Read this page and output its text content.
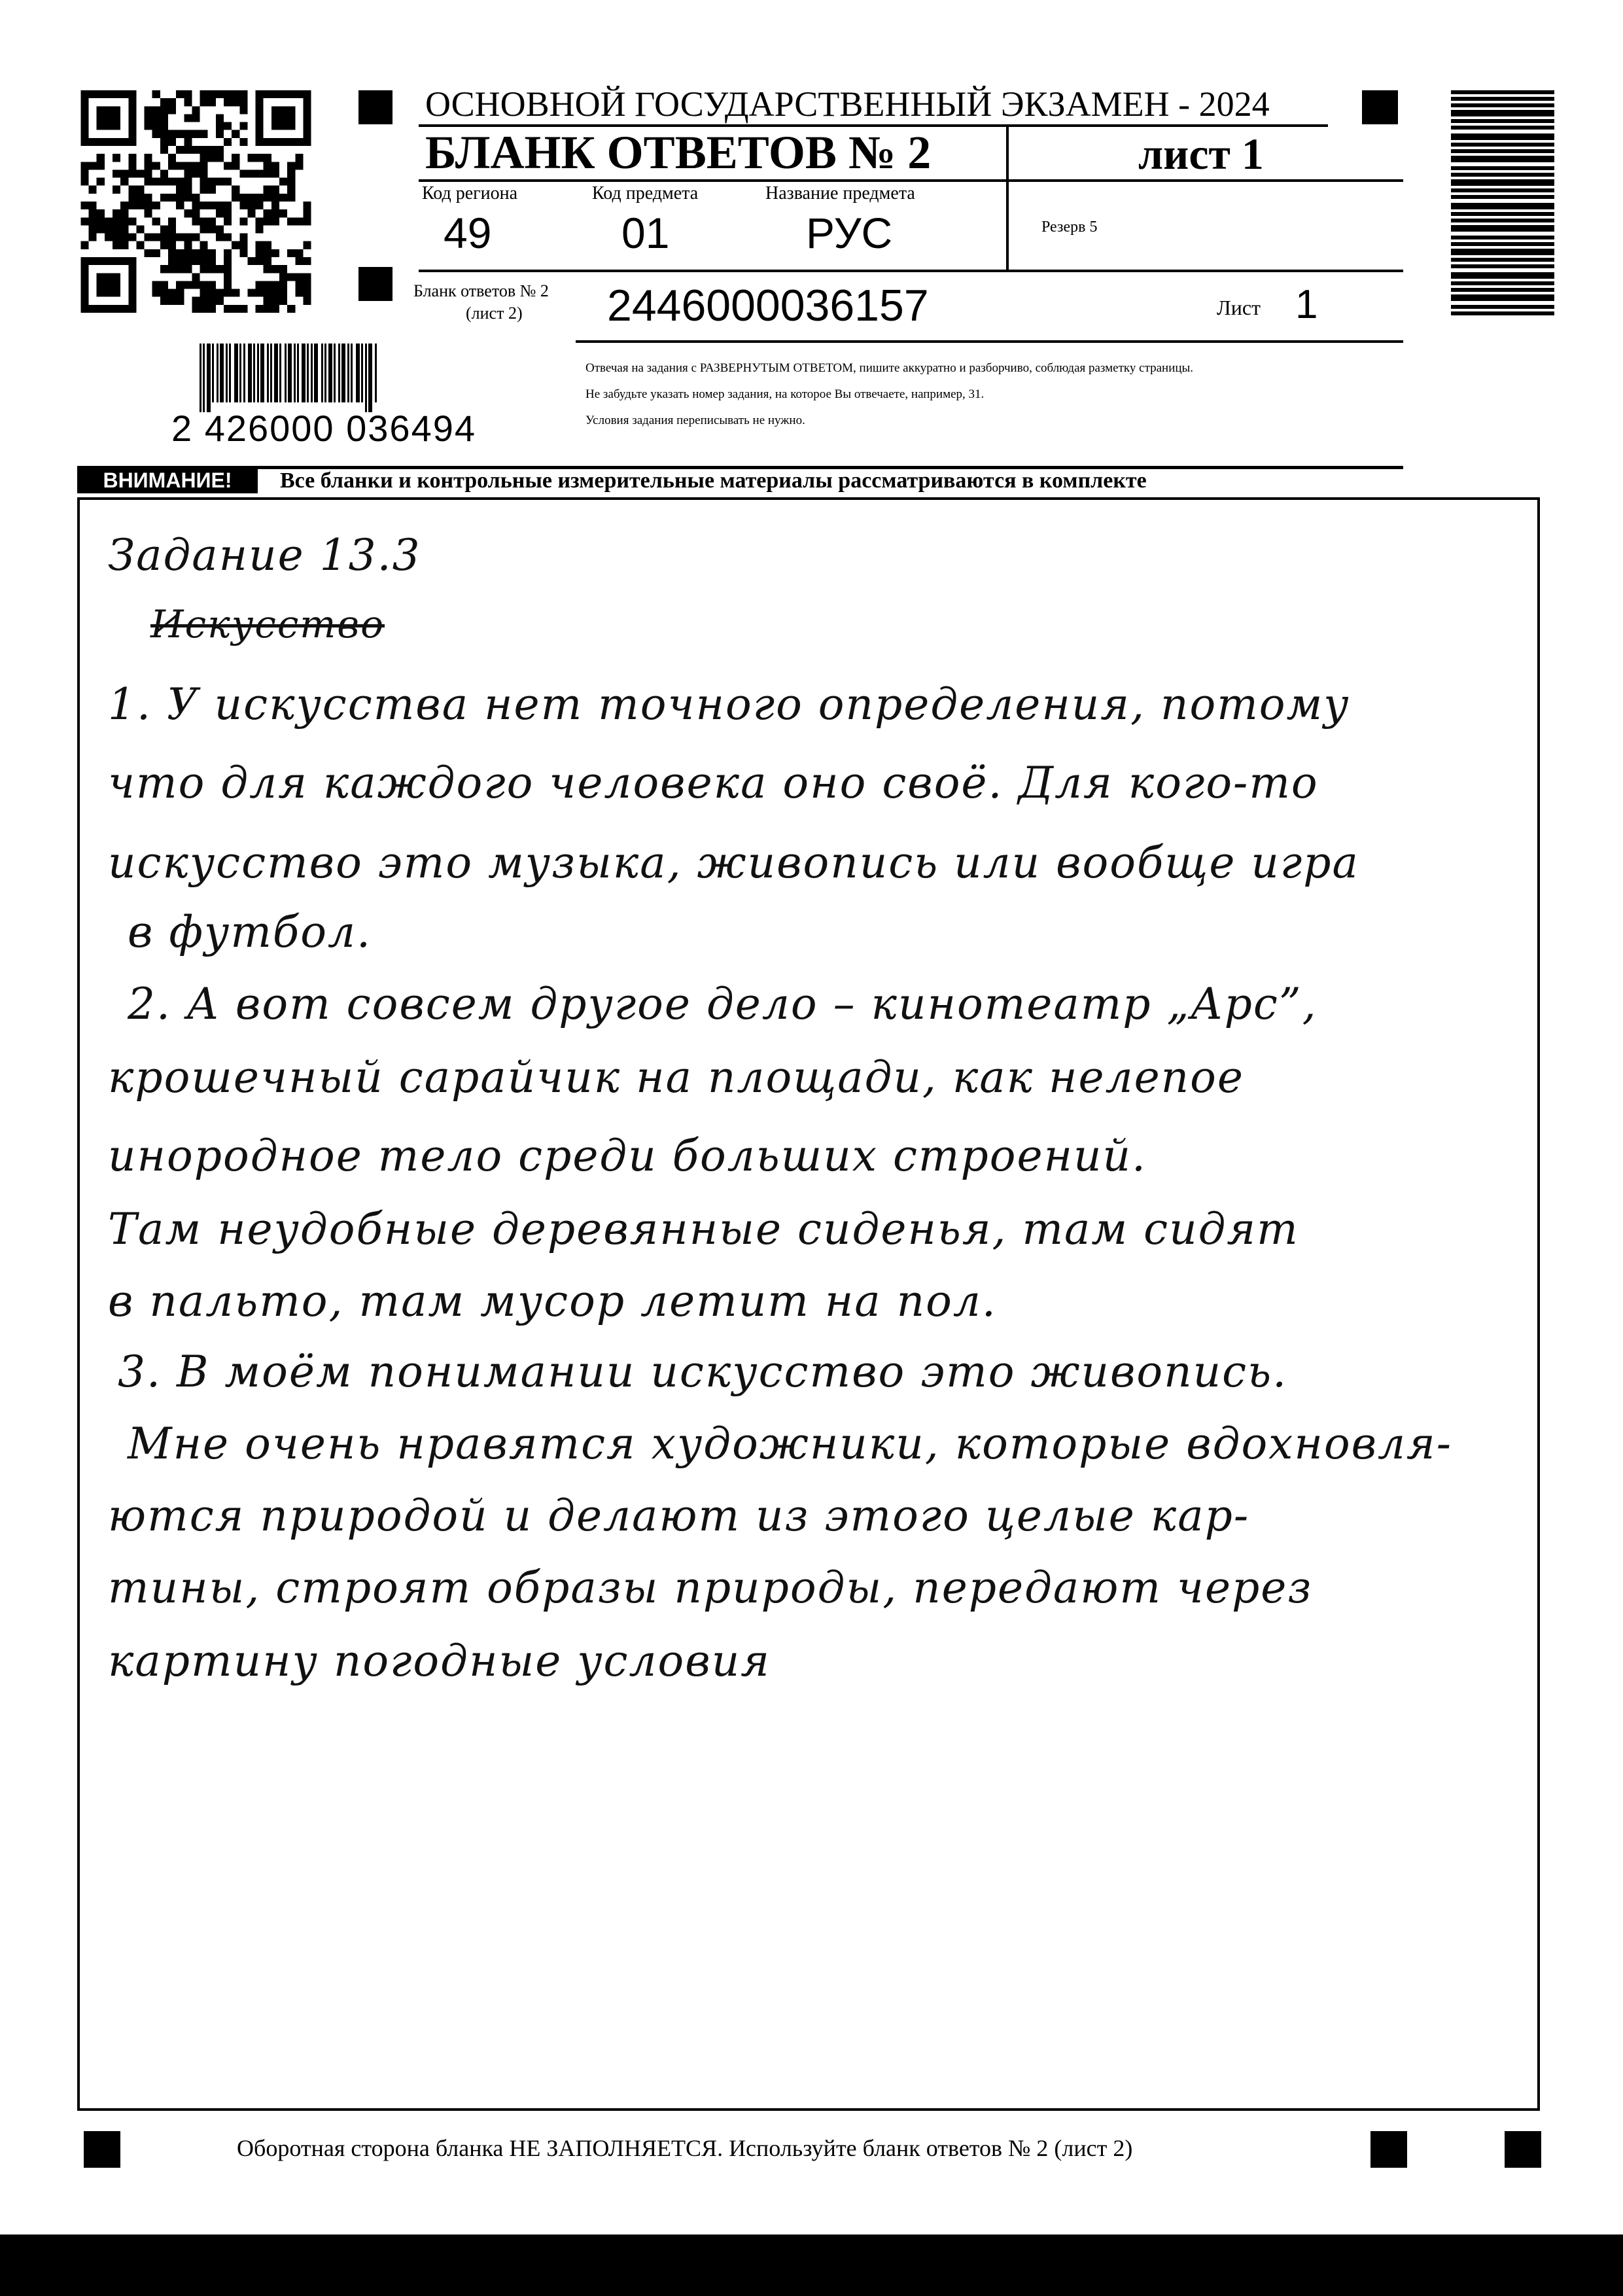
ОСНОВНОЙ ГОСУДАРСТВЕННЫЙ ЭКЗАМЕН - 2024
БЛАНК ОТВЕТОВ № 2	лист 1
Код региона
49
Код предмета
01
Название предмета
РУС	Резерв 5
Бланк ответов № 2
(лист 2) 2446000036157	Лист 1
2 426000 036494
Отвечая на задания с РАЗВЕРНУТЫМ ОТВЕТОМ, пишите аккуратно и разборчиво, соблюдая разметку страницы.
Не забудьте указать номер задания, на которое Вы отвечаете, например, 31.
Условия задания переписывать не нужно.
ВНИМАНИЕ!	Все бланки и контрольные измерительные материалы рассматриваются в комплекте
Задание 13.3
Искусство
1. У искусства нет точного определения, потому
что для каждого человека оно своё. Для кого-то
искусство это музыка, живопись или вообще игра
в футбол.
2. А вот совсем другое дело – кинотеатр „Арс”,
крошечный сарайчик на площади, как нелепое
инородное тело среди больших строений.
Там неудобные деревянные сиденья, там сидят
в пальто, там мусор летит на пол.
3. В моём понимании искусство это живопись.
Мне очень нравятся художники, которые вдохновля-
ются природой и делают из этого целые кар-
тины, строят образы природы, передают через
картину погодные условия
Оборотная сторона бланка НЕ ЗАПОЛНЯЕТСЯ. Используйте бланк ответов № 2 (лист 2)
